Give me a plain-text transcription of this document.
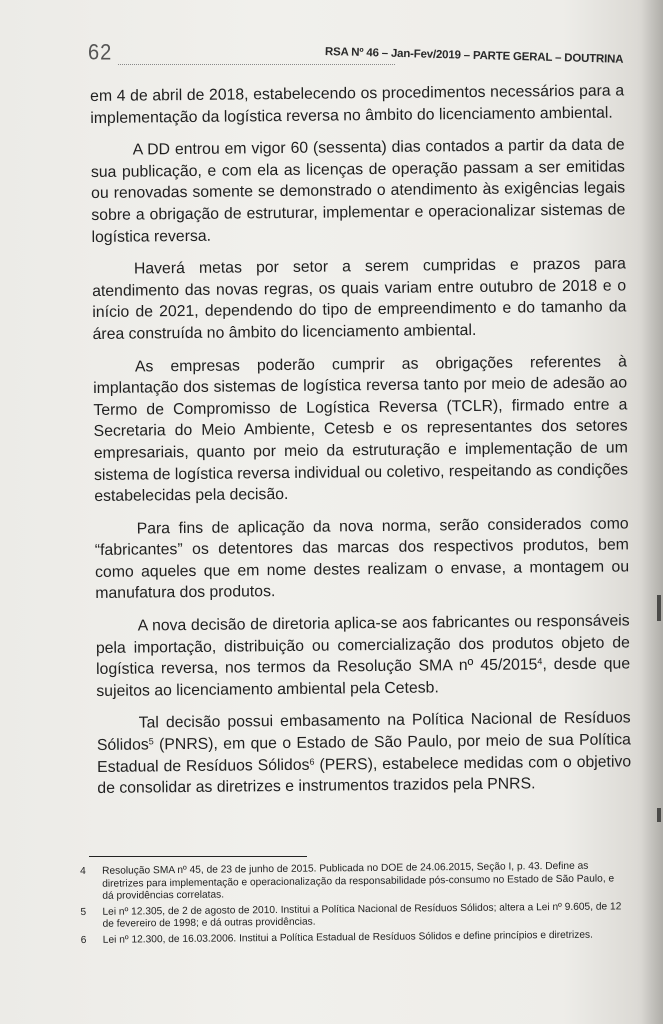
62	RSA Nº 46 – Jan-Fev/2019 – PARTE GERAL – DOUTRINA

em 4 de abril de 2018, estabelecendo os procedimentos necessários para a implementação da logística reversa no âmbito do licenciamento ambiental.

A DD entrou em vigor 60 (sessenta) dias contados a partir da data de sua publicação, e com ela as licenças de operação passam a ser emitidas ou renovadas somente se demonstrado o atendimento às exigências legais sobre a obrigação de estruturar, implementar e operacionalizar sistemas de logística reversa.

Haverá metas por setor a serem cumpridas e prazos para atendimento das novas regras, os quais variam entre outubro de 2018 e o início de 2021, dependendo do tipo de empreendimento e do tamanho da área construída no âmbito do licenciamento ambiental.

As empresas poderão cumprir as obrigações referentes à implantação dos sistemas de logística reversa tanto por meio de adesão ao Termo de Compromisso de Logística Reversa (TCLR), firmado entre a Secretaria do Meio Ambiente, Cetesb e os representantes dos setores empresariais, quanto por meio da estruturação e implementação de um sistema de logística reversa individual ou coletivo, respeitando as condições estabelecidas pela decisão.

Para fins de aplicação da nova norma, serão considerados como “fabricantes” os detentores das marcas dos respectivos produtos, bem como aqueles que em nome destes realizam o envase, a montagem ou manufatura dos produtos.

A nova decisão de diretoria aplica-se aos fabricantes ou responsáveis pela importação, distribuição ou comercialização dos produtos objeto de logística reversa, nos termos da Resolução SMA nº 45/2015$^4$, desde que sujeitos ao licenciamento ambiental pela Cetesb.

Tal decisão possui embasamento na Política Nacional de Resíduos Sólidos$^5$ (PNRS), em que o Estado de São Paulo, por meio de sua Política Estadual de Resíduos Sólidos$^6$ (PERS), estabelece medidas com o objetivo de consolidar as diretrizes e instrumentos trazidos pela PNRS.

4	Resolução SMA nº 45, de 23 de junho de 2015. Publicada no DOE de 24.06.2015, Seção I, p. 43. Define as diretrizes para implementação e operacionalização da responsabilidade pós-consumo no Estado de São Paulo, e dá providências correlatas.
5	Lei nº 12.305, de 2 de agosto de 2010. Institui a Política Nacional de Resíduos Sólidos; altera a Lei nº 9.605, de 12 de fevereiro de 1998; e dá outras providências.
6	Lei nº 12.300, de 16.03.2006. Institui a Política Estadual de Resíduos Sólidos e define princípios e diretrizes.
